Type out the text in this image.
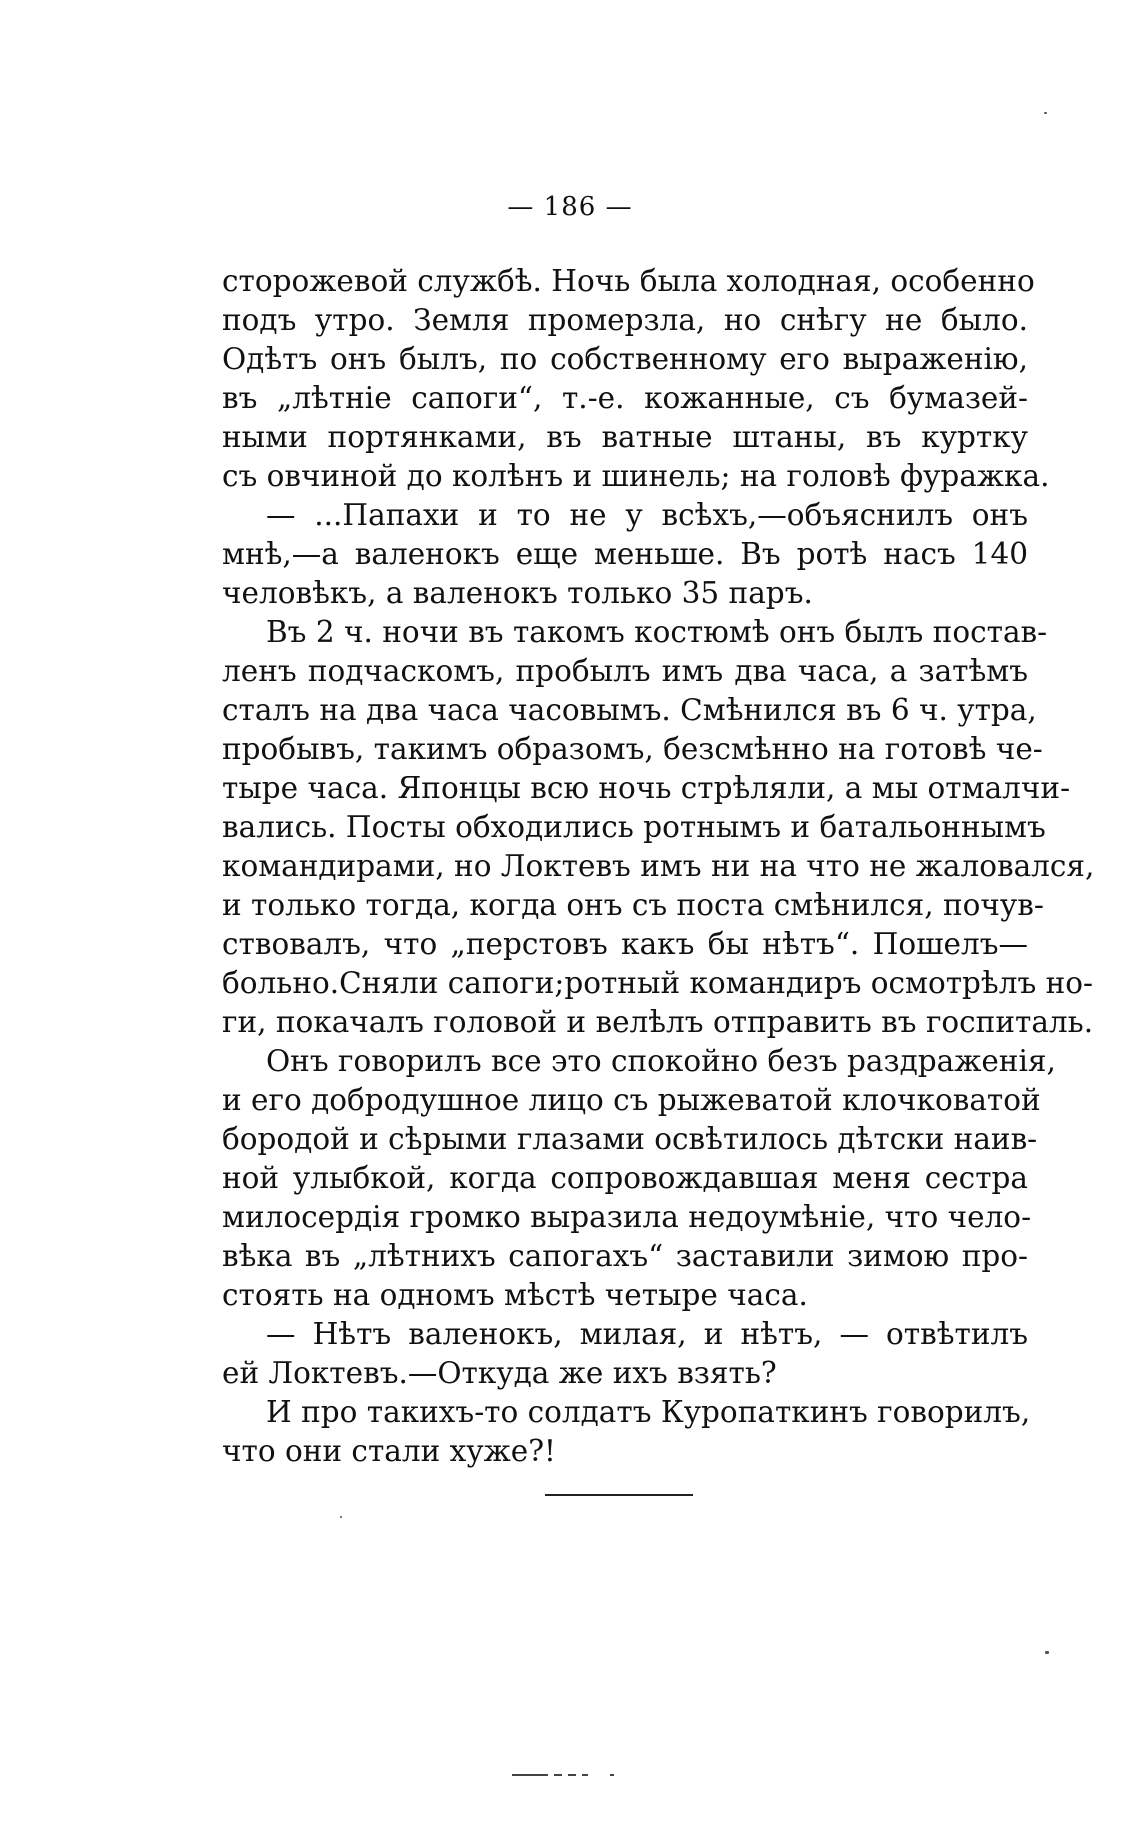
— 186 —
сторожевой службѣ. Ночь была холодная, особенно
подъ утро. Земля промерзла, но снѣгу не было.
Одѣтъ онъ былъ, по собственному его выраженію,
въ „лѣтніе сапоги“, т.-е. кожанные, съ бумазей-
ными портянками, въ ватные штаны, въ куртку
съ овчиной до колѣнъ и шинель; на головѣ фуражка.
— ...Папахи и то не у всѣхъ,—объяснилъ онъ
мнѣ,—а валенокъ еще меньше. Въ ротѣ насъ 140
человѣкъ, а валенокъ только 35 паръ.
Въ 2 ч. ночи въ такомъ костюмѣ онъ былъ постав-
ленъ подчаскомъ, пробылъ имъ два часа, а затѣмъ
сталъ на два часа часовымъ. Смѣнился въ 6 ч. утра,
пробывъ, такимъ образомъ, безсмѣнно на готовѣ че-
тыре часа. Японцы всю ночь стрѣляли, а мы отмалчи-
вались. Посты обходились ротнымъ и батальоннымъ
командирами, но Локтевъ имъ ни на что не жаловался,
и только тогда, когда онъ съ поста смѣнился, почув-
ствовалъ, что „перстовъ какъ бы нѣтъ“. Пошелъ—
больно.Сняли сапоги;ротный командиръ осмотрѣлъ но-
ги, покачалъ головой и велѣлъ отправить въ госпиталь.
Онъ говорилъ все это спокойно безъ раздраженія,
и его добродушное лицо съ рыжеватой клочковатой
бородой и сѣрыми глазами освѣтилось дѣтски наив-
ной улыбкой, когда сопровождавшая меня сестра
милосердія громко выразила недоумѣніе, что чело-
вѣка въ „лѣтнихъ сапогахъ“ заставили зимою про-
стоять на одномъ мѣстѣ четыре часа.
— Нѣтъ валенокъ, милая, и нѣтъ, — отвѣтилъ
ей Локтевъ.—Откуда же ихъ взять?
И про такихъ-то солдатъ Куропаткинъ говорилъ,
что они стали хуже?!
